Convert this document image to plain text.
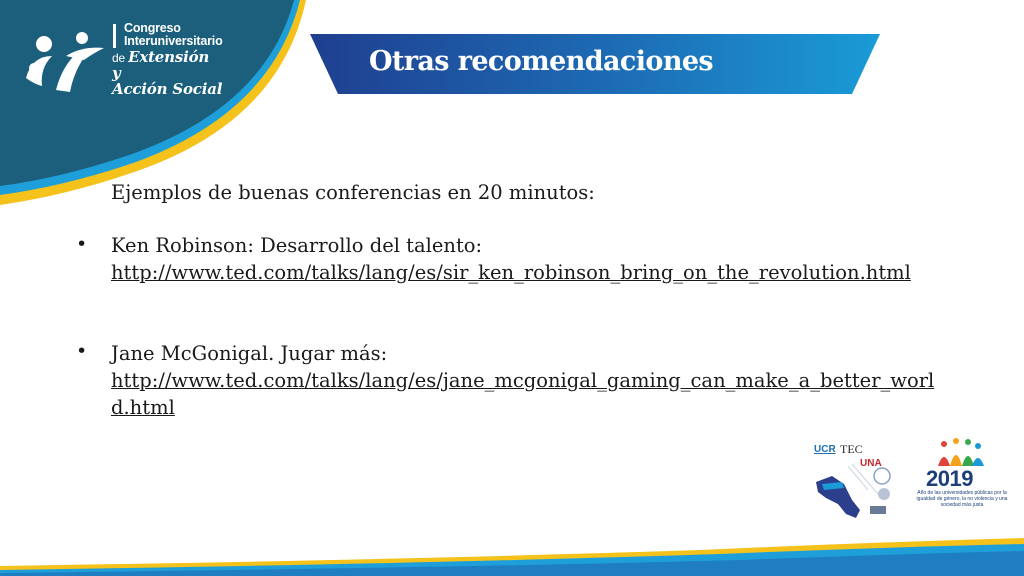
Congreso
Interuniversitario
de Extensión y
Acción Social
Otras recomendaciones
Ejemplos de buenas conferencias en 20 minutos:
• Ken Robinson: Desarrollo del talento:
http://www.ted.com/talks/lang/es/sir_ken_robinson_bring_on_the_revolution.html
• Jane McGonigal. Jugar más:
http://www.ted.com/talks/lang/es/jane_mcgonigal_gaming_can_make_a_better_world.html
UCR TEC
UNA
2019
Año de las universidades públicas por la igualdad de género, la no violencia y una sociedad más justa
